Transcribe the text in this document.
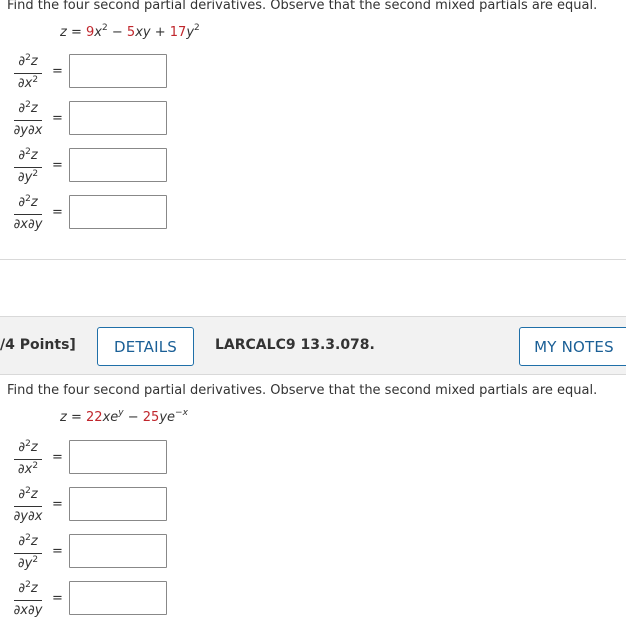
Find the four second partial derivatives. Observe that the second mixed partials are equal.
$z = 9x^2 - 5xy + 17y^2$
∂$^2$z
$\partial x^2$
=
∂$^2$z
∂y∂x
=
∂$^2$z
$\partial y^2$
=
∂$^2$z
∂x∂y
=
/4 Points]	DETAILS	LARCALC9 13.3.078.	MY NOTES
Find the four second partial derivatives. Observe that the second mixed partials are equal.
$z = 22xe^y - 25ye^{-x}$
∂$^2$z
$\partial x^2$
=
∂$^2$z
∂y∂x
=
∂$^2$z
$\partial y^2$
=
∂$^2$z
∂x∂y
=
